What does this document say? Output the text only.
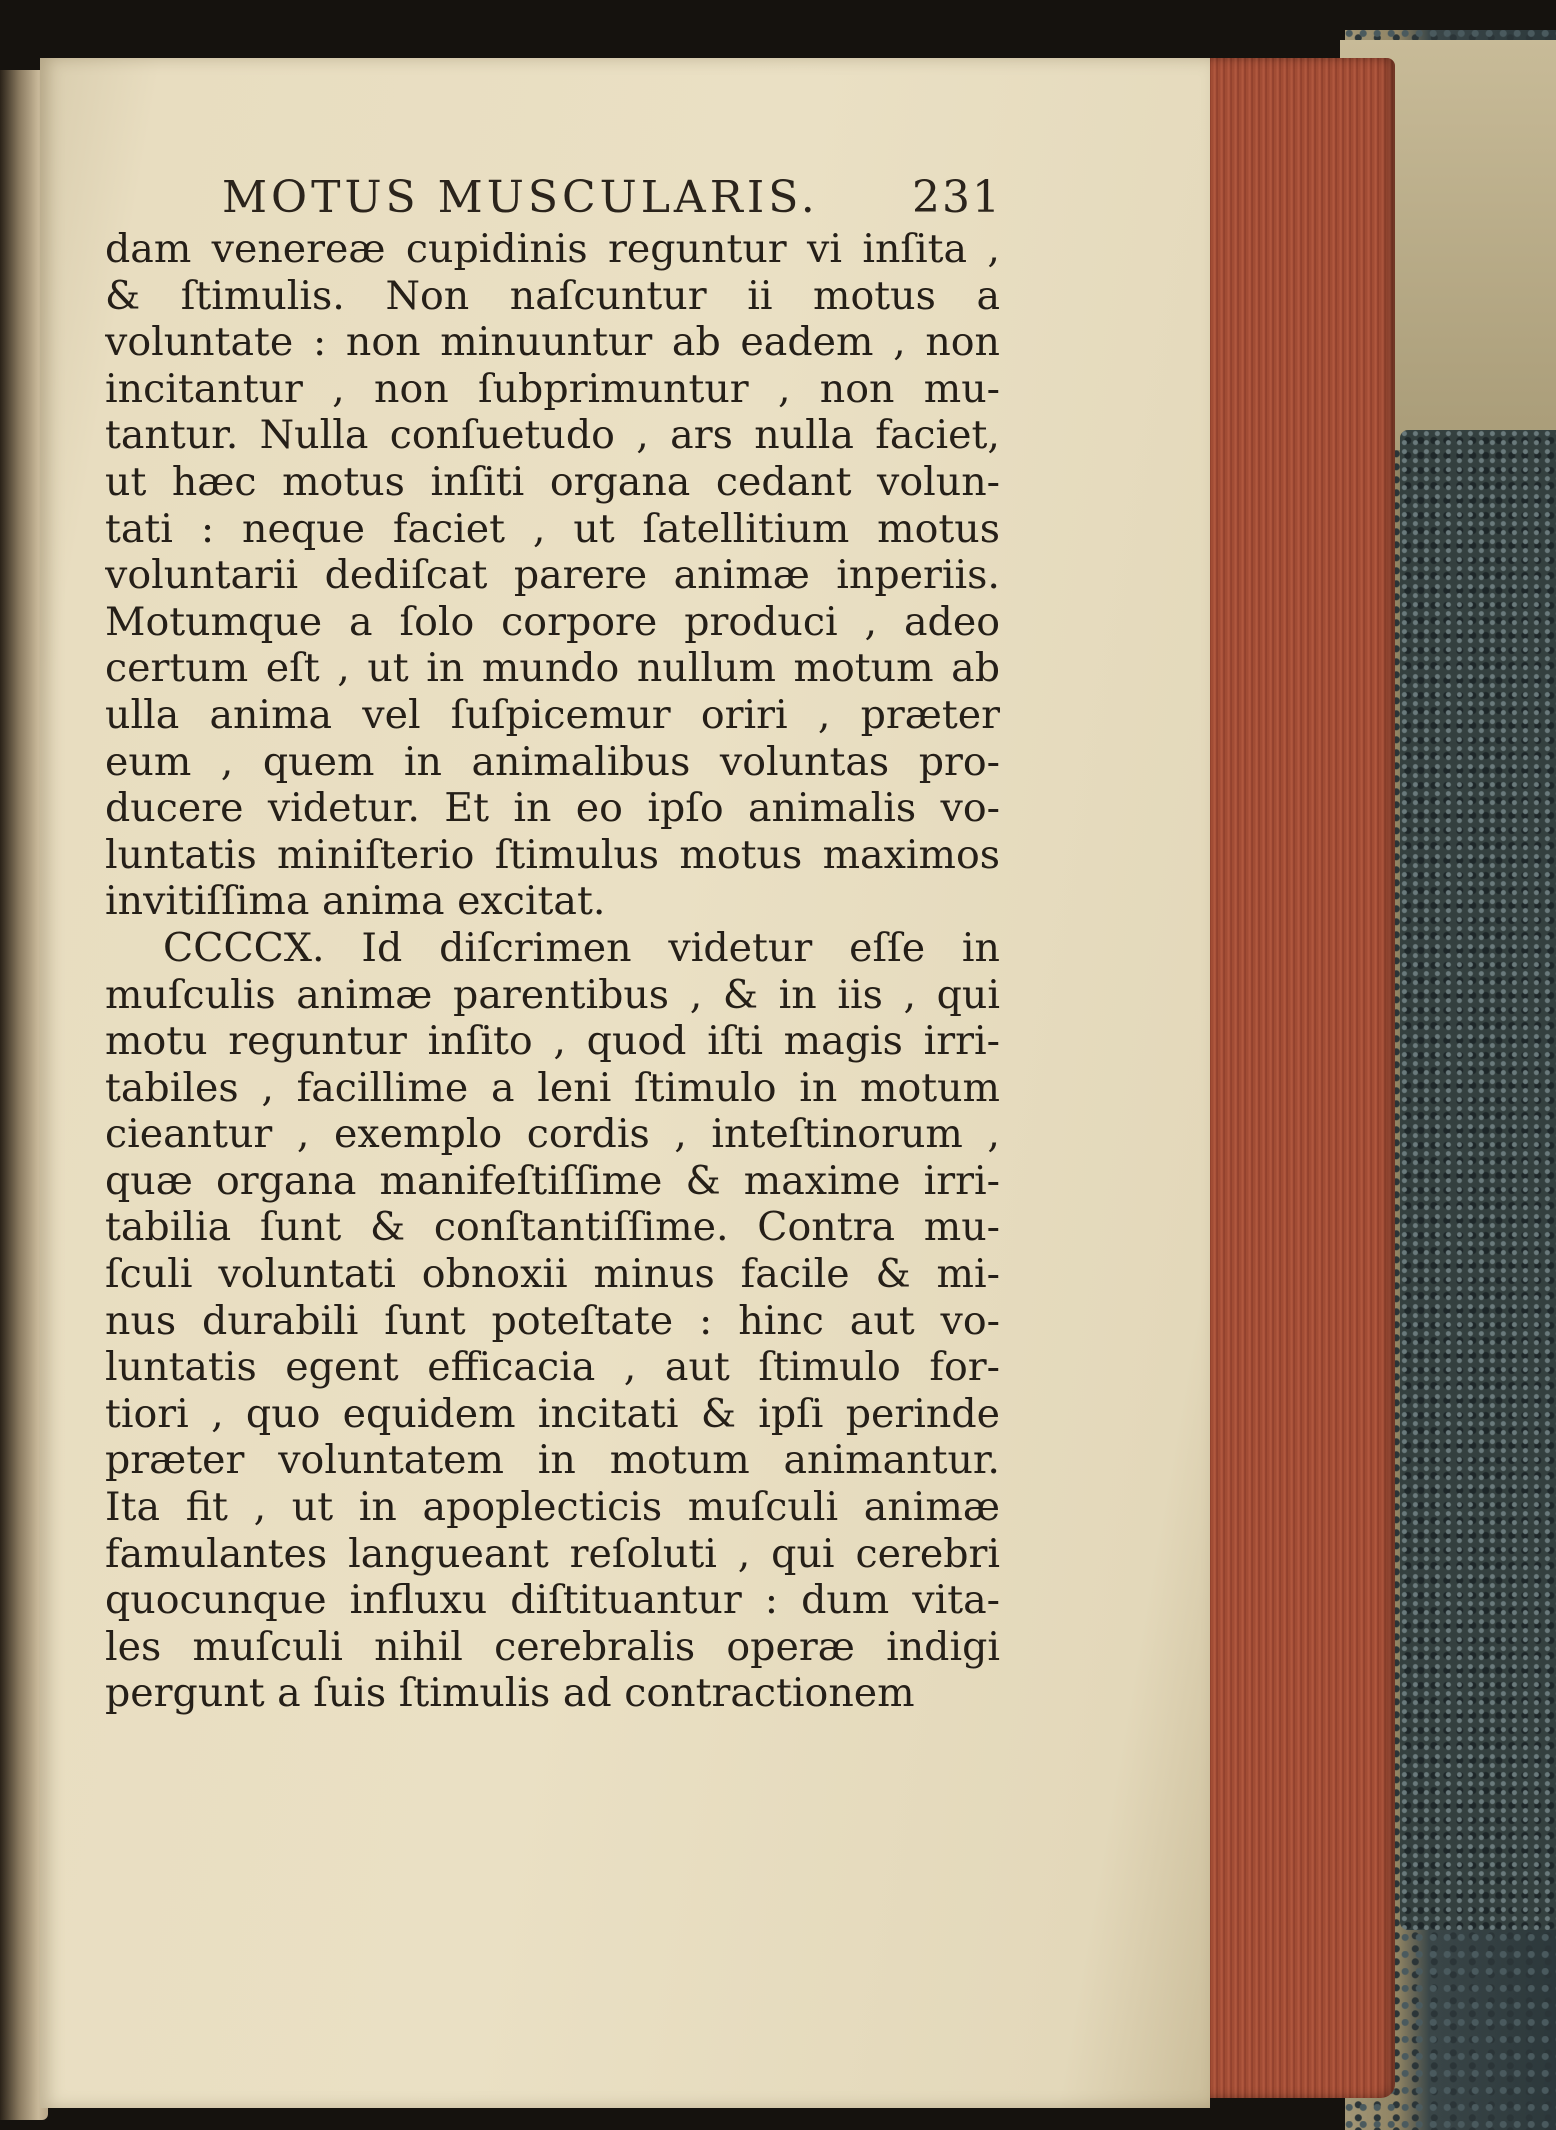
MOTUS MUSCULARIS. 231
dam venereæ cupidinis reguntur vi inſita ,
& ſtimulis. Non naſcuntur ii motus a
voluntate : non minuuntur ab eadem , non
incitantur , non ſubprimuntur , non mu-
tantur. Nulla conſuetudo , ars nulla faciet,
ut hæc motus inſiti organa cedant volun-
tati : neque faciet , ut ſatellitium motus
voluntarii dediſcat parere animæ inperiis.
Motumque a ſolo corpore produci , adeo
certum eſt , ut in mundo nullum motum ab
ulla anima vel ſuſpicemur oriri , præter
eum , quem in animalibus voluntas pro-
ducere videtur. Et in eo ipſo animalis vo-
luntatis miniſterio ſtimulus motus maximos
invitiſſima anima excitat.
CCCCX. Id diſcrimen videtur eſſe in
muſculis animæ parentibus , & in iis , qui
motu reguntur inſito , quod iſti magis irri-
tabiles , facillime a leni ſtimulo in motum
cieantur , exemplo cordis , inteſtinorum ,
quæ organa manifeſtiſſime & maxime irri-
tabilia ſunt & conſtantiſſime. Contra mu-
ſculi voluntati obnoxii minus facile & mi-
nus durabili ſunt poteſtate : hinc aut vo-
luntatis egent efficacia , aut ſtimulo for-
tiori , quo equidem incitati & ipſi perinde
præter voluntatem in motum animantur.
Ita fit , ut in apoplecticis muſculi animæ
famulantes langueant reſoluti , qui cerebri
quocunque influxu diſtituantur : dum vita-
les muſculi nihil cerebralis operæ indigi
pergunt a ſuis ſtimulis ad contractionem
